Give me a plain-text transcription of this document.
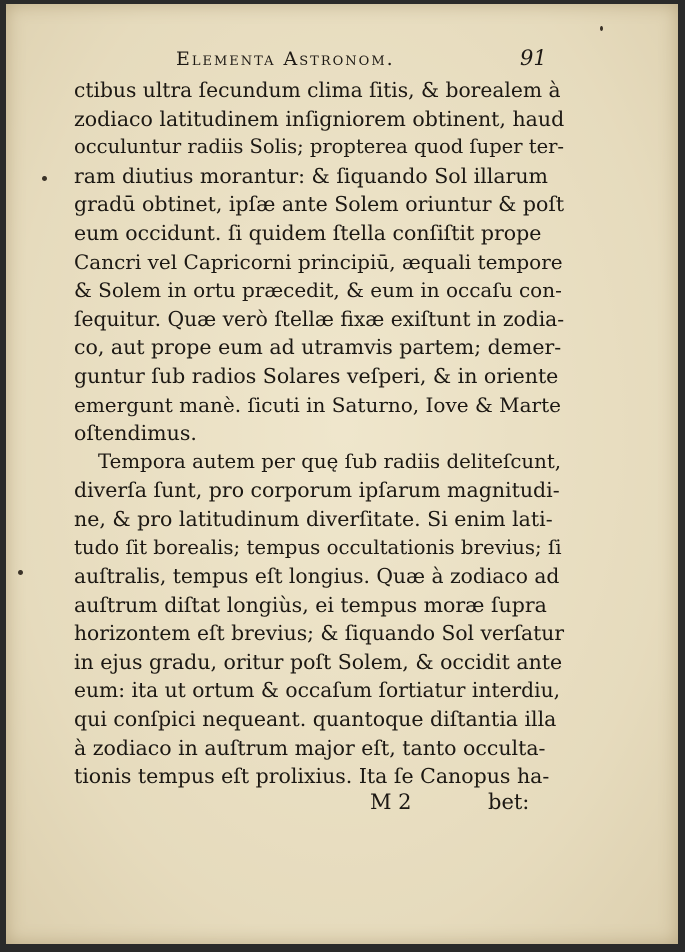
Elementa Astronom.	91
ctibus ultra ſecundum clima ſitis, & borealem à
zodiaco latitudinem inſigniorem obtinent, haud
occuluntur radiis Solis; propterea quod ſuper ter-
ram diutius morantur: & ſiquando Sol illarum
gradū obtinet, ipſæ ante Solem oriuntur & poſt
eum occidunt. ſi quidem ſtella conſiſtit prope
Cancri vel Capricorni principiū, æquali tempore
& Solem in ortu præcedit, & eum in occaſu con-
ſequitur. Quæ verò ſtellæ fixæ exiſtunt in zodia-
co, aut prope eum ad utramvis partem; demer-
guntur ſub radios Solares veſperi, & in oriente
emergunt manè. ſicuti in Saturno, Iove & Marte
oſtendimus.
Tempora autem per quę ſub radiis deliteſcunt,
diverſa ſunt, pro corporum ipſarum magnitudi-
ne, & pro latitudinum diverſitate. Si enim lati-
tudo ſit borealis; tempus occultationis brevius; ſi
auſtralis, tempus eſt longius. Quæ à zodiaco ad
auſtrum diſtat longiùs, ei tempus moræ ſupra
horizontem eſt brevius; & ſiquando Sol verſatur
in ejus gradu, oritur poſt Solem, & occidit ante
eum: ita ut ortum & occaſum ſortiatur interdiu,
qui conſpici nequeant. quantoque diſtantia illa
à zodiaco in auſtrum major eſt, tanto occulta-
tionis tempus eſt prolixius. Ita ſe Canopus ha-
M 2	bet:
